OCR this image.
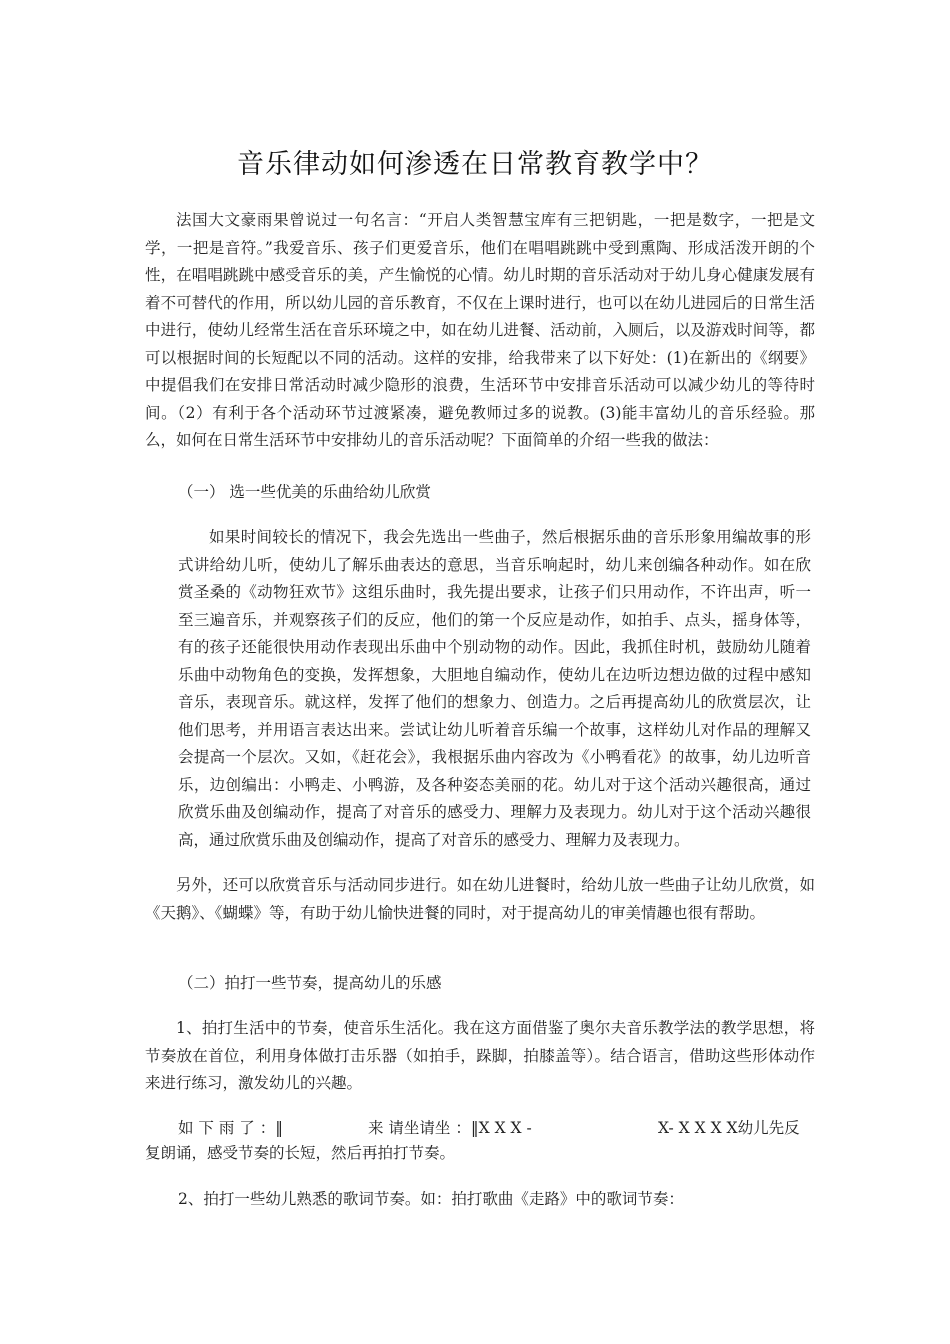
音乐律动如何渗透在日常教育教学中？

法国大文豪雨果曾说过一句名言：“开启人类智慧宝库有三把钥匙，一把是数字，一把是文学，一把是音符。”我爱音乐、孩子们更爱音乐，他们在唱唱跳跳中受到熏陶、形成活泼开朗的个性，在唱唱跳跳中感受音乐的美，产生愉悦的心情。幼儿时期的音乐活动对于幼儿身心健康发展有着不可替代的作用，所以幼儿园的音乐教育，不仅在上课时进行，也可以在幼儿进园后的日常生活中进行，使幼儿经常生活在音乐环境之中，如在幼儿进餐、活动前，入厕后，以及游戏时间等，都可以根据时间的长短配以不同的活动。这样的安排，给我带来了以下好处：(1)在新出的《纲要》中提倡我们在安排日常活动时减少隐形的浪费，生活环节中安排音乐活动可以减少幼儿的等待时间。（2）有利于各个活动环节过渡紧凑，避免教师过多的说教。(3)能丰富幼儿的音乐经验。那么，如何在日常生活环节中安排幼儿的音乐活动呢？下面简单的介绍一些我的做法：

（一） 选一些优美的乐曲给幼儿欣赏

如果时间较长的情况下，我会先选出一些曲子，然后根据乐曲的音乐形象用编故事的形式讲给幼儿听，使幼儿了解乐曲表达的意思，当音乐响起时，幼儿来创编各种动作。如在欣赏圣桑的《动物狂欢节》这组乐曲时，我先提出要求，让孩子们只用动作，不许出声，听一至三遍音乐，并观察孩子们的反应，他们的第一个反应是动作，如拍手、点头，摇身体等，有的孩子还能很快用动作表现出乐曲中个别动物的动作。因此，我抓住时机，鼓励幼儿随着乐曲中动物角色的变换，发挥想象，大胆地自编动作，使幼儿在边听边想边做的过程中感知音乐，表现音乐。就这样，发挥了他们的想象力、创造力。之后再提高幼儿的欣赏层次，让他们思考，并用语言表达出来。尝试让幼儿听着音乐编一个故事，这样幼儿对作品的理解又会提高一个层次。又如，《赶花会》，我根据乐曲内容改为《小鸭看花》的故事，幼儿边听音乐，边创编出：小鸭走、小鸭游，及各种姿态美丽的花。幼儿对于这个活动兴趣很高，通过欣赏乐曲及创编动作，提高了对音乐的感受力、理解力及表现力。幼儿对于这个活动兴趣很高，通过欣赏乐曲及创编动作，提高了对音乐的感受力、理解力及表现力。

另外，还可以欣赏音乐与活动同步进行。如在幼儿进餐时，给幼儿放一些曲子让幼儿欣赏，如《天鹅》、《蝴蝶》等，有助于幼儿愉快进餐的同时，对于提高幼儿的审美情趣也很有帮助。

（二）拍打一些节奏，提高幼儿的乐感

1、拍打生活中的节奏，使音乐生活化。我在这方面借鉴了奥尔夫音乐教学法的教学思想，将节奏放在首位，利用身体做打击乐器（如拍手，跺脚，拍膝盖等）。结合语言，借助这些形体动作来进行练习，激发幼儿的兴趣。

如 下 雨 了 ：‖	来 请坐请坐 ：‖X X X -	X- X X X X幼儿先反

复朗诵，感受节奏的长短，然后再拍打节奏。

2、拍打一些幼儿熟悉的歌词节奏。如：拍打歌曲《走路》中的歌词节奏：
